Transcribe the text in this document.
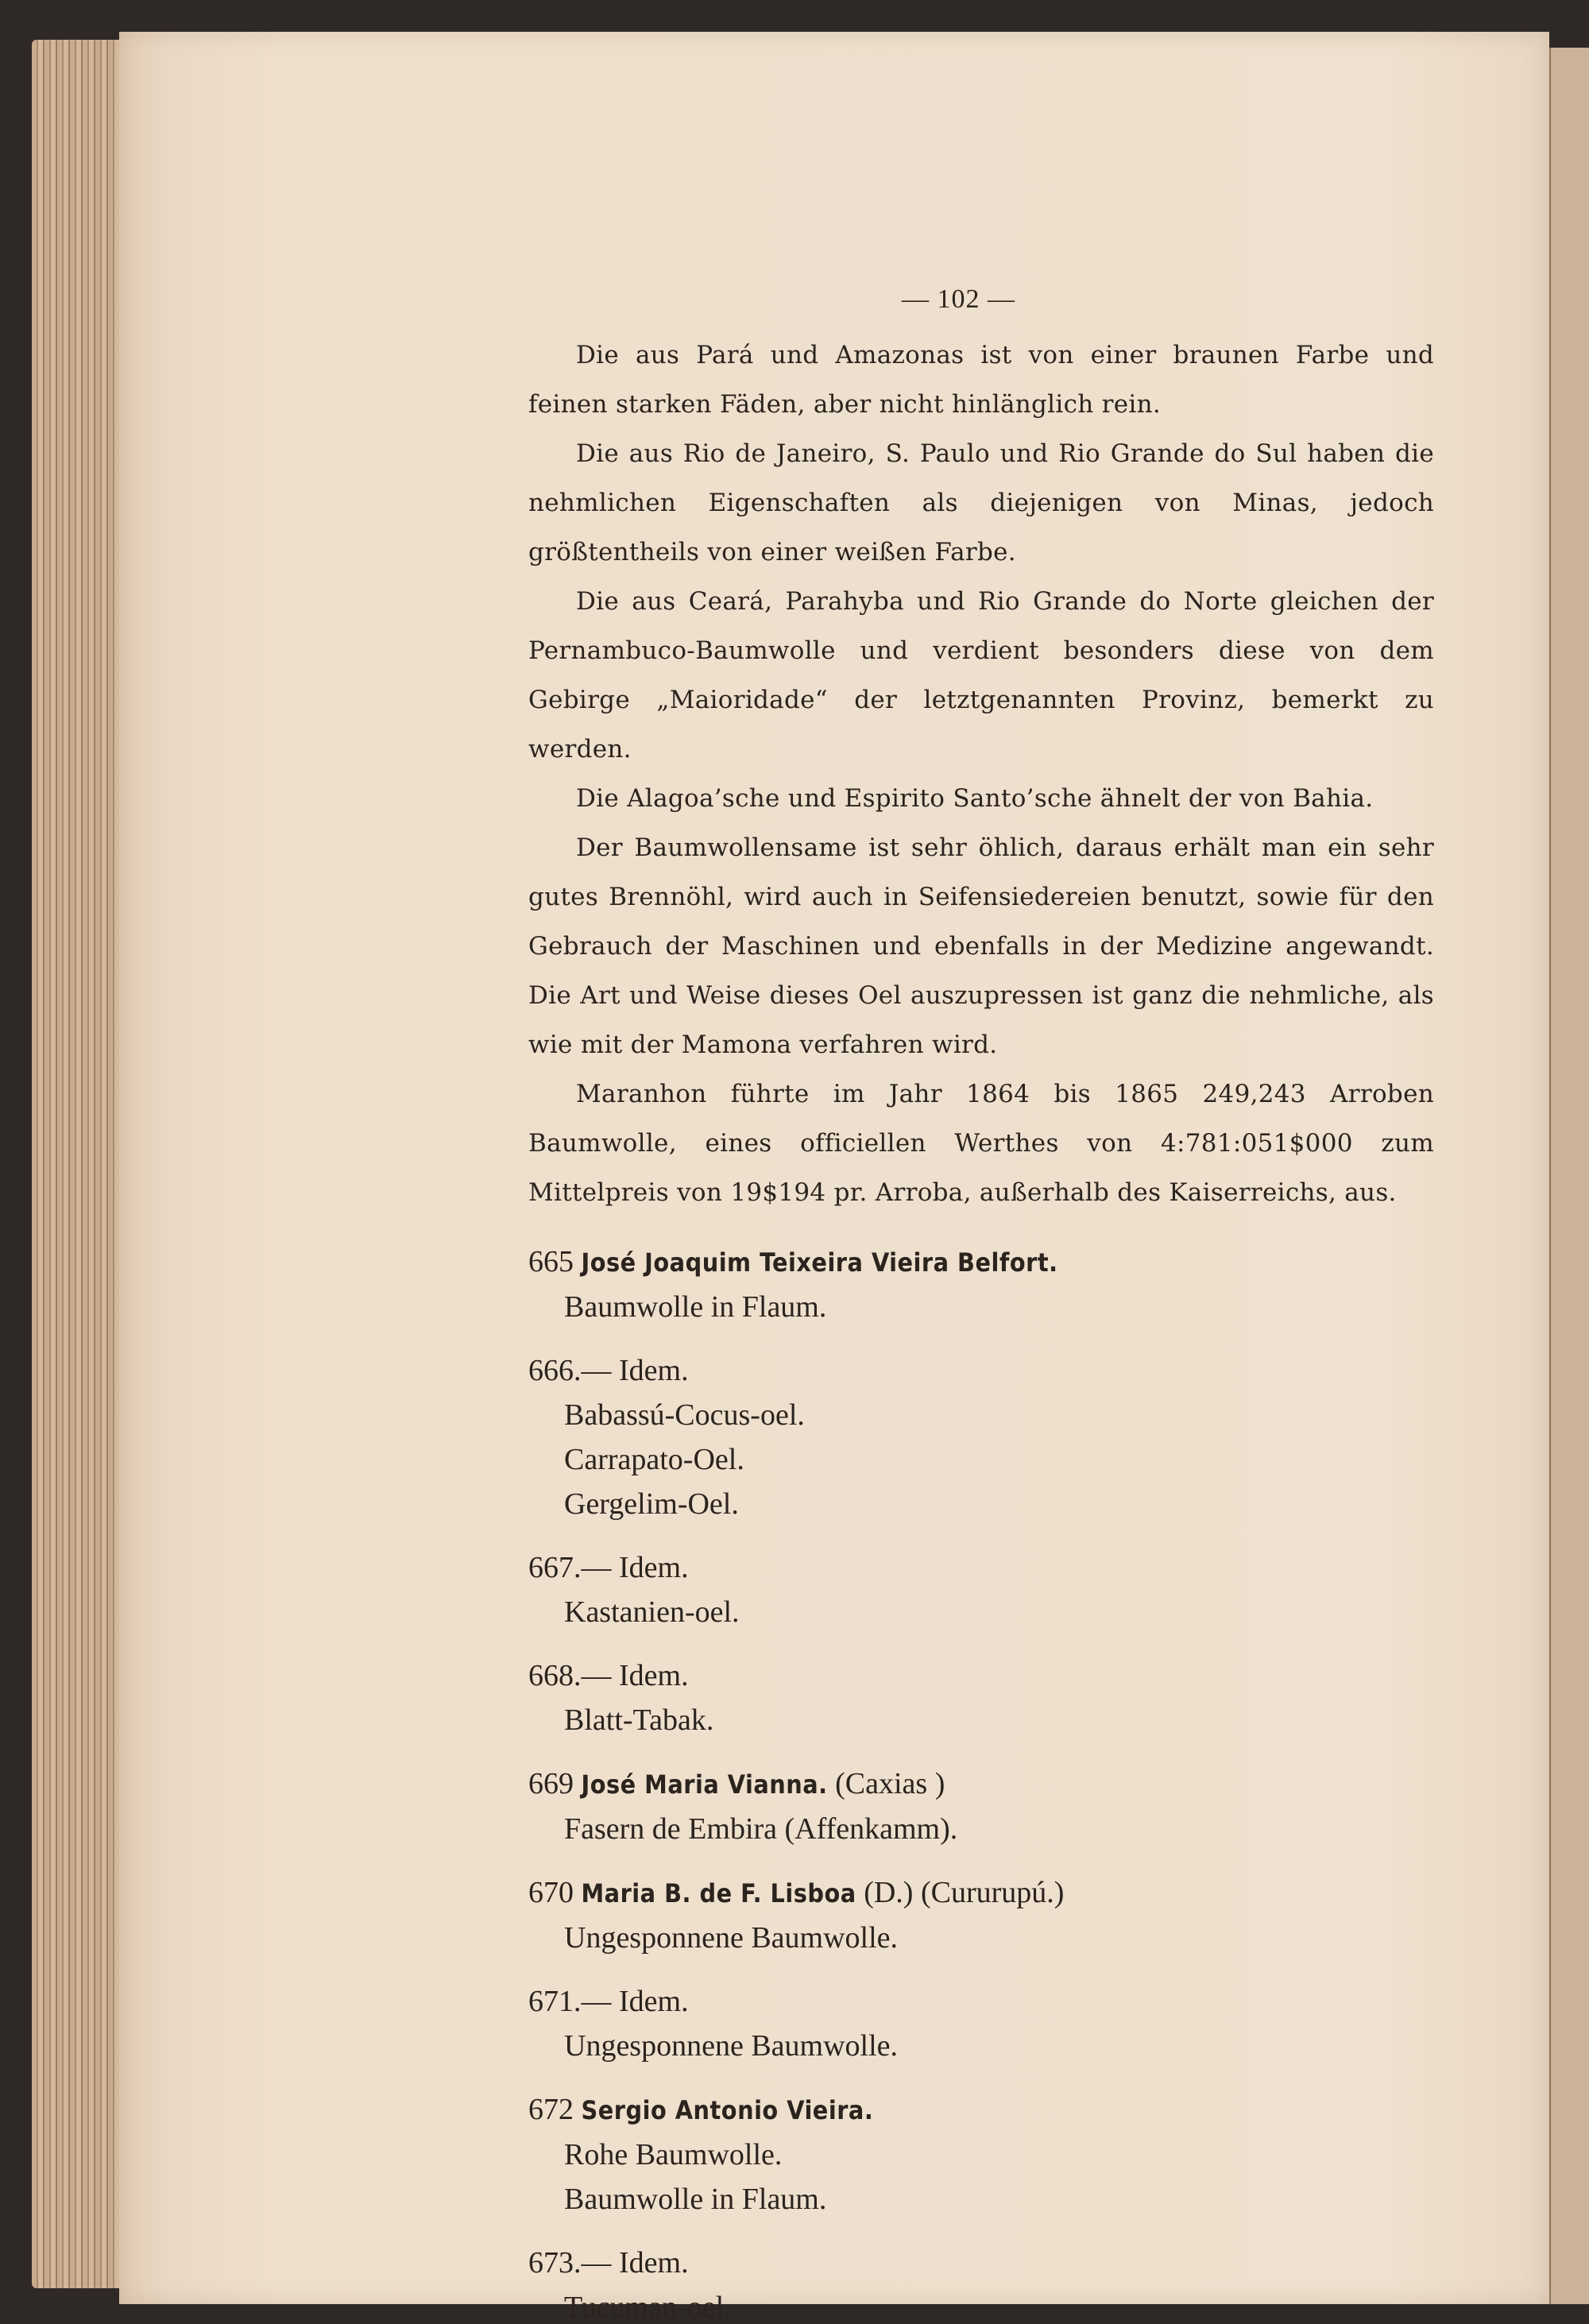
— 102 —

Die aus Pará und Amazonas ist von einer braunen Farbe und feinen starken Fäden, aber nicht hinlänglich rein.

Die aus Rio de Janeiro, S. Paulo und Rio Grande do Sul haben die nehmlichen Eigenschaften als diejenigen von Minas, jedoch größtentheils von einer weißen Farbe.

Die aus Ceará, Parahyba und Rio Grande do Norte gleichen der Pernambuco-Baumwolle und verdient besonders diese von dem Gebirge „Maioridade“ der letztgenannten Provinz, bemerkt zu werden.

Die Alagoa’sche und Espirito Santo’sche ähnelt der von Bahia.

Der Baumwollensame ist sehr öhlich, daraus erhält man ein sehr gutes Brennöhl, wird auch in Seifensiedereien benutzt, sowie für den Gebrauch der Maschinen und ebenfalls in der Medizine angewandt. Die Art und Weise dieses Oel auszupressen ist ganz die nehmliche, als wie mit der Mamona verfahren wird.

Maranhon führte im Jahr 1864 bis 1865 249,243 Arroben Baumwolle, eines officiellen Werthes von 4:781:051$000 zum Mittelpreis von 19$194 pr. Arroba, außerhalb des Kaiserreichs, aus.

665 José Joaquim Teixeira Vieira Belfort.

Baumwolle in Flaum.

666.— Idem.

Babassú-Cocus-oel.

Carrapato-Oel.

Gergelim-Oel.

667.— Idem.

Kastanien-oel.

668.— Idem.

Blatt-Tabak.

669 José Maria Vianna. (Caxias )

Fasern de Embira (Affenkamm).

670 Maria B. de F. Lisboa (D.) (Cururupú.)

Ungesponnene Baumwolle.

671.— Idem.

Ungesponnene Baumwolle.

672 Sergio Antonio Vieira.

Rohe Baumwolle.

Baumwolle in Flaum.

673.— Idem.

Tucuman-oel.
